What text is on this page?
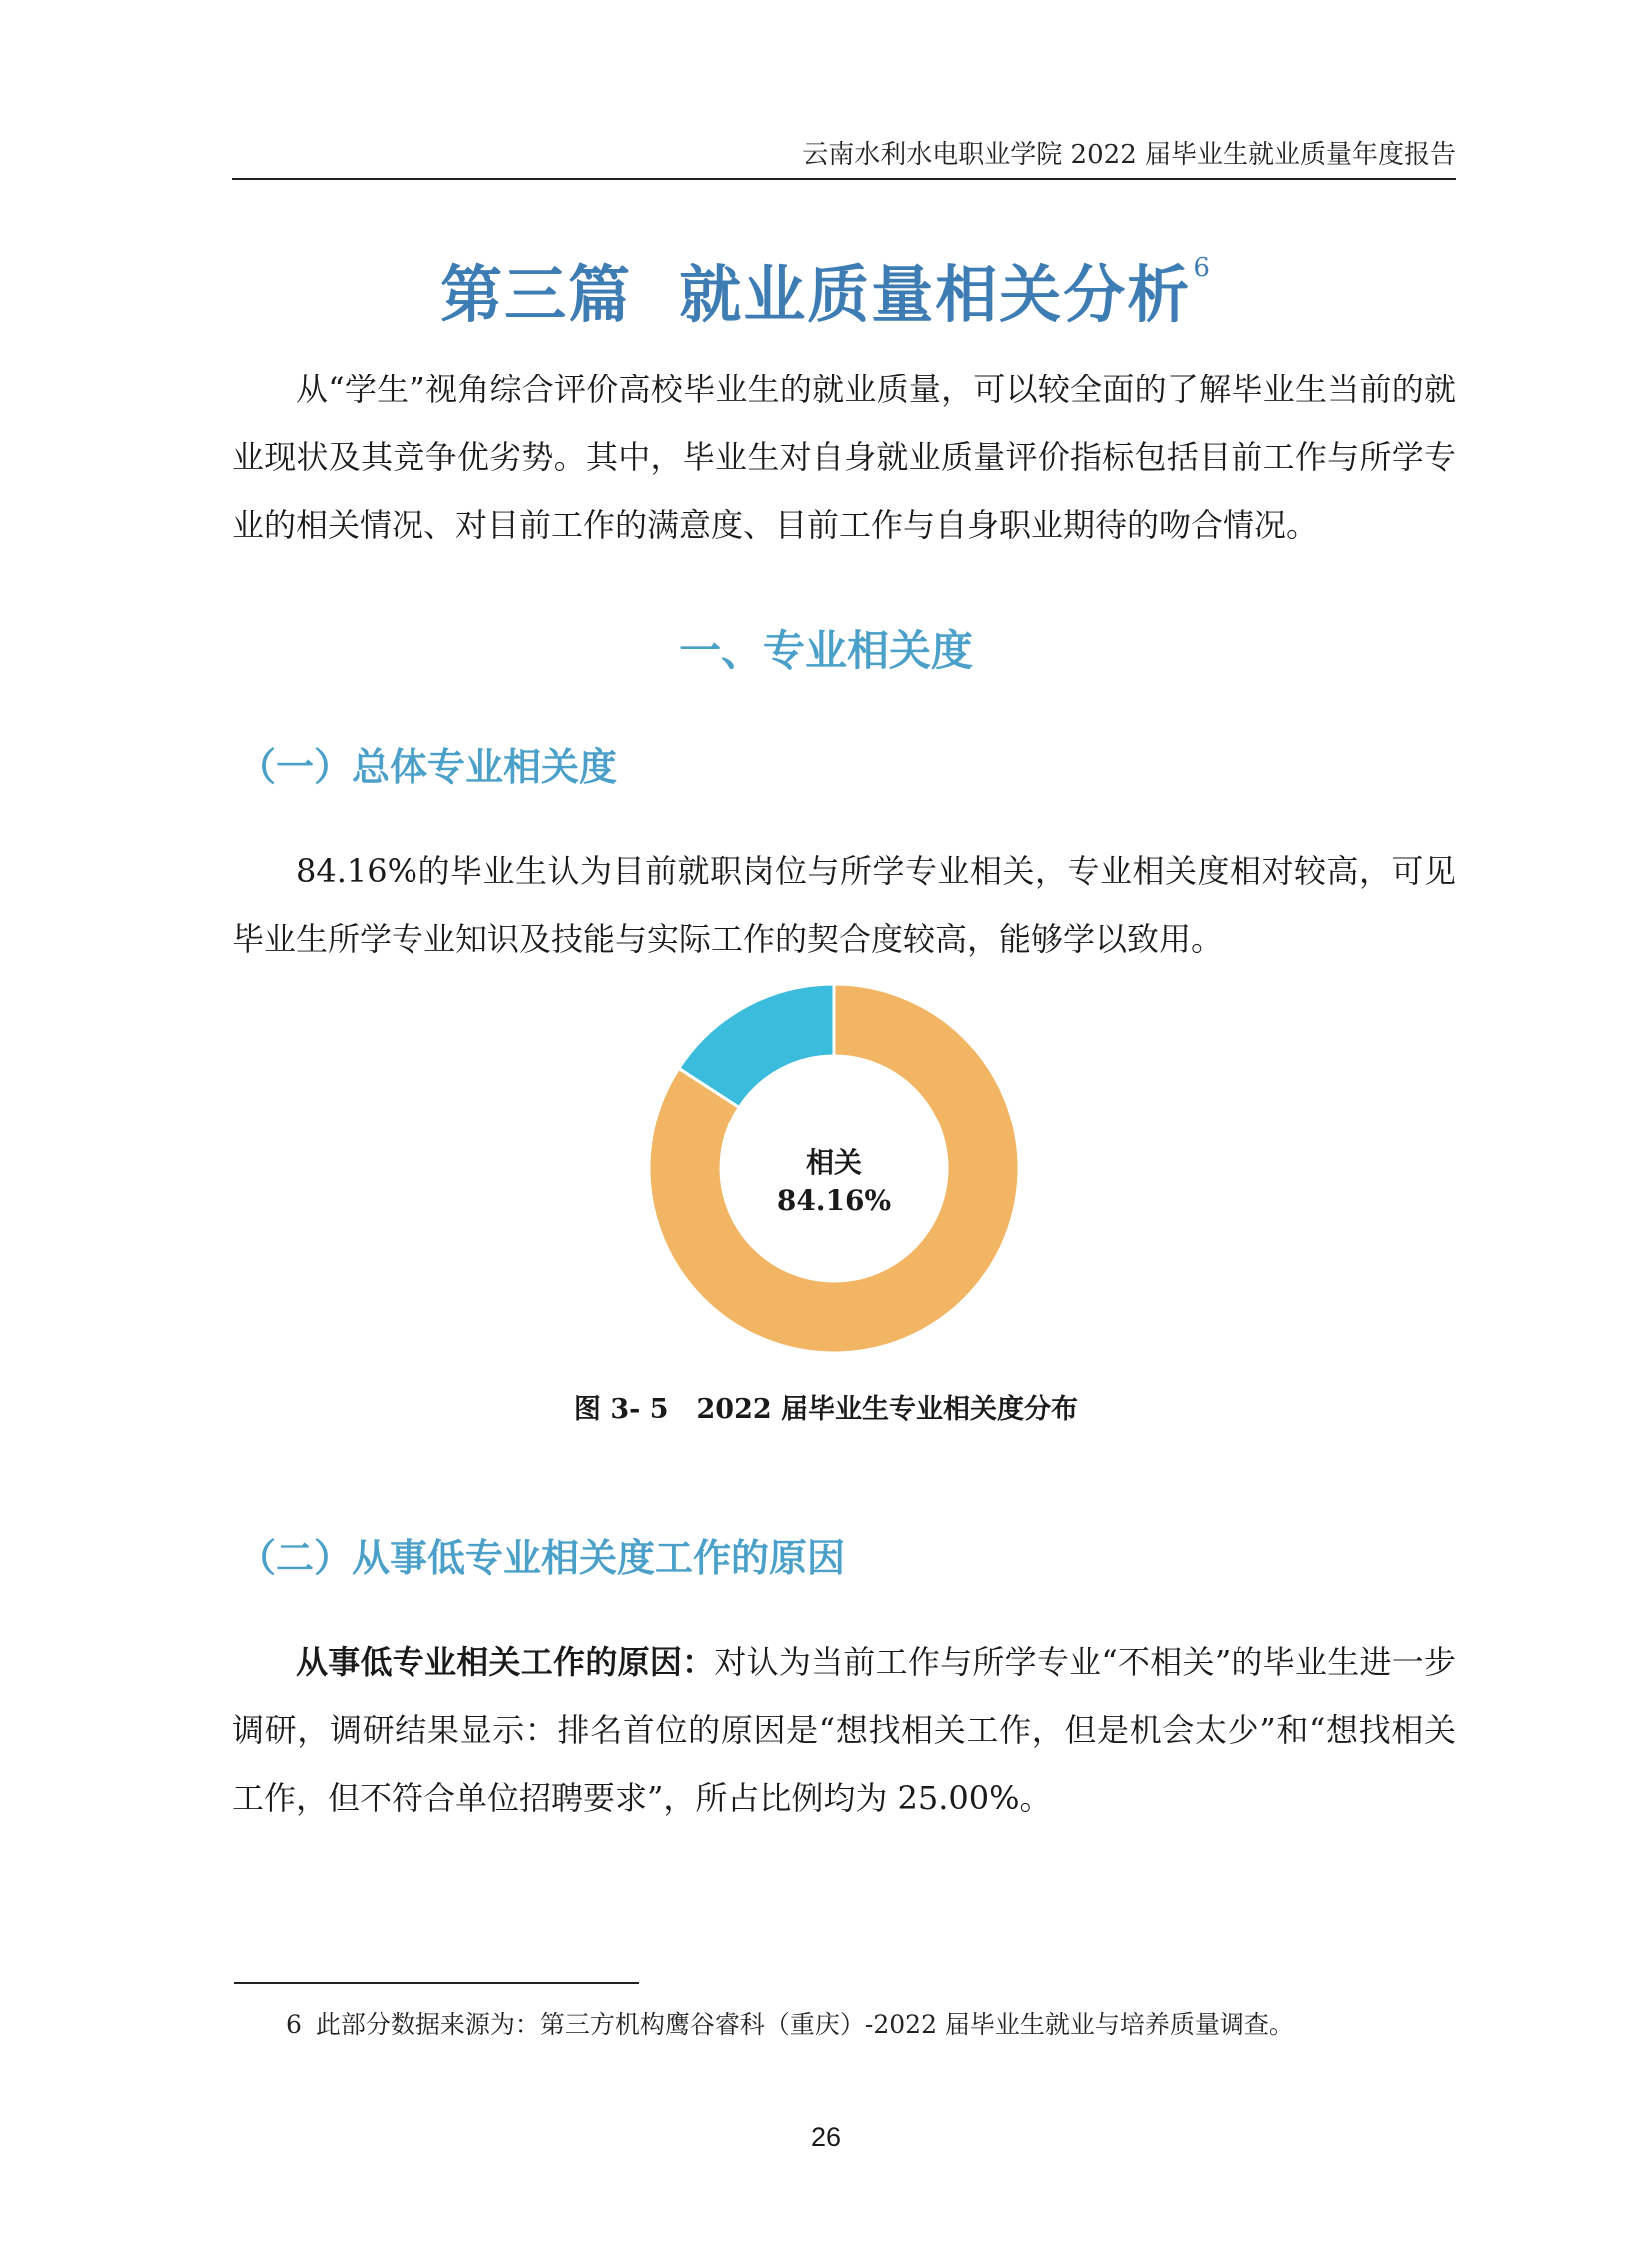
云南水利水电职业学院 2022 届毕业生就业质量年度报告
第三篇  就业质量相关分析$^6$
从“学生”视角综合评价高校毕业生的就业质量，可以较全面的了解毕业生当前的就业现状及其竞争优劣势。其中，毕业生对自身就业质量评价指标包括目前工作与所学专业的相关情况、对目前工作的满意度、目前工作与自身职业期待的吻合情况。
一、专业相关度
（一）总体专业相关度
84.16%的毕业生认为目前就职岗位与所学专业相关，专业相关度相对较高，可见毕业生所学专业知识及技能与实际工作的契合度较高，能够学以致用。
相关
84.16%
图 3- 5 2022 届毕业生专业相关度分布
（二）从事低专业相关度工作的原因
从事低专业相关工作的原因：对认为当前工作与所学专业“不相关”的毕业生进一步调研，调研结果显示：排名首位的原因是“想找相关工作，但是机会太少”和“想找相关工作，但不符合单位招聘要求”，所占比例均为 25.00%。
6 此部分数据来源为：第三方机构鹰谷睿科（重庆）-2022 届毕业生就业与培养质量调查。
26
